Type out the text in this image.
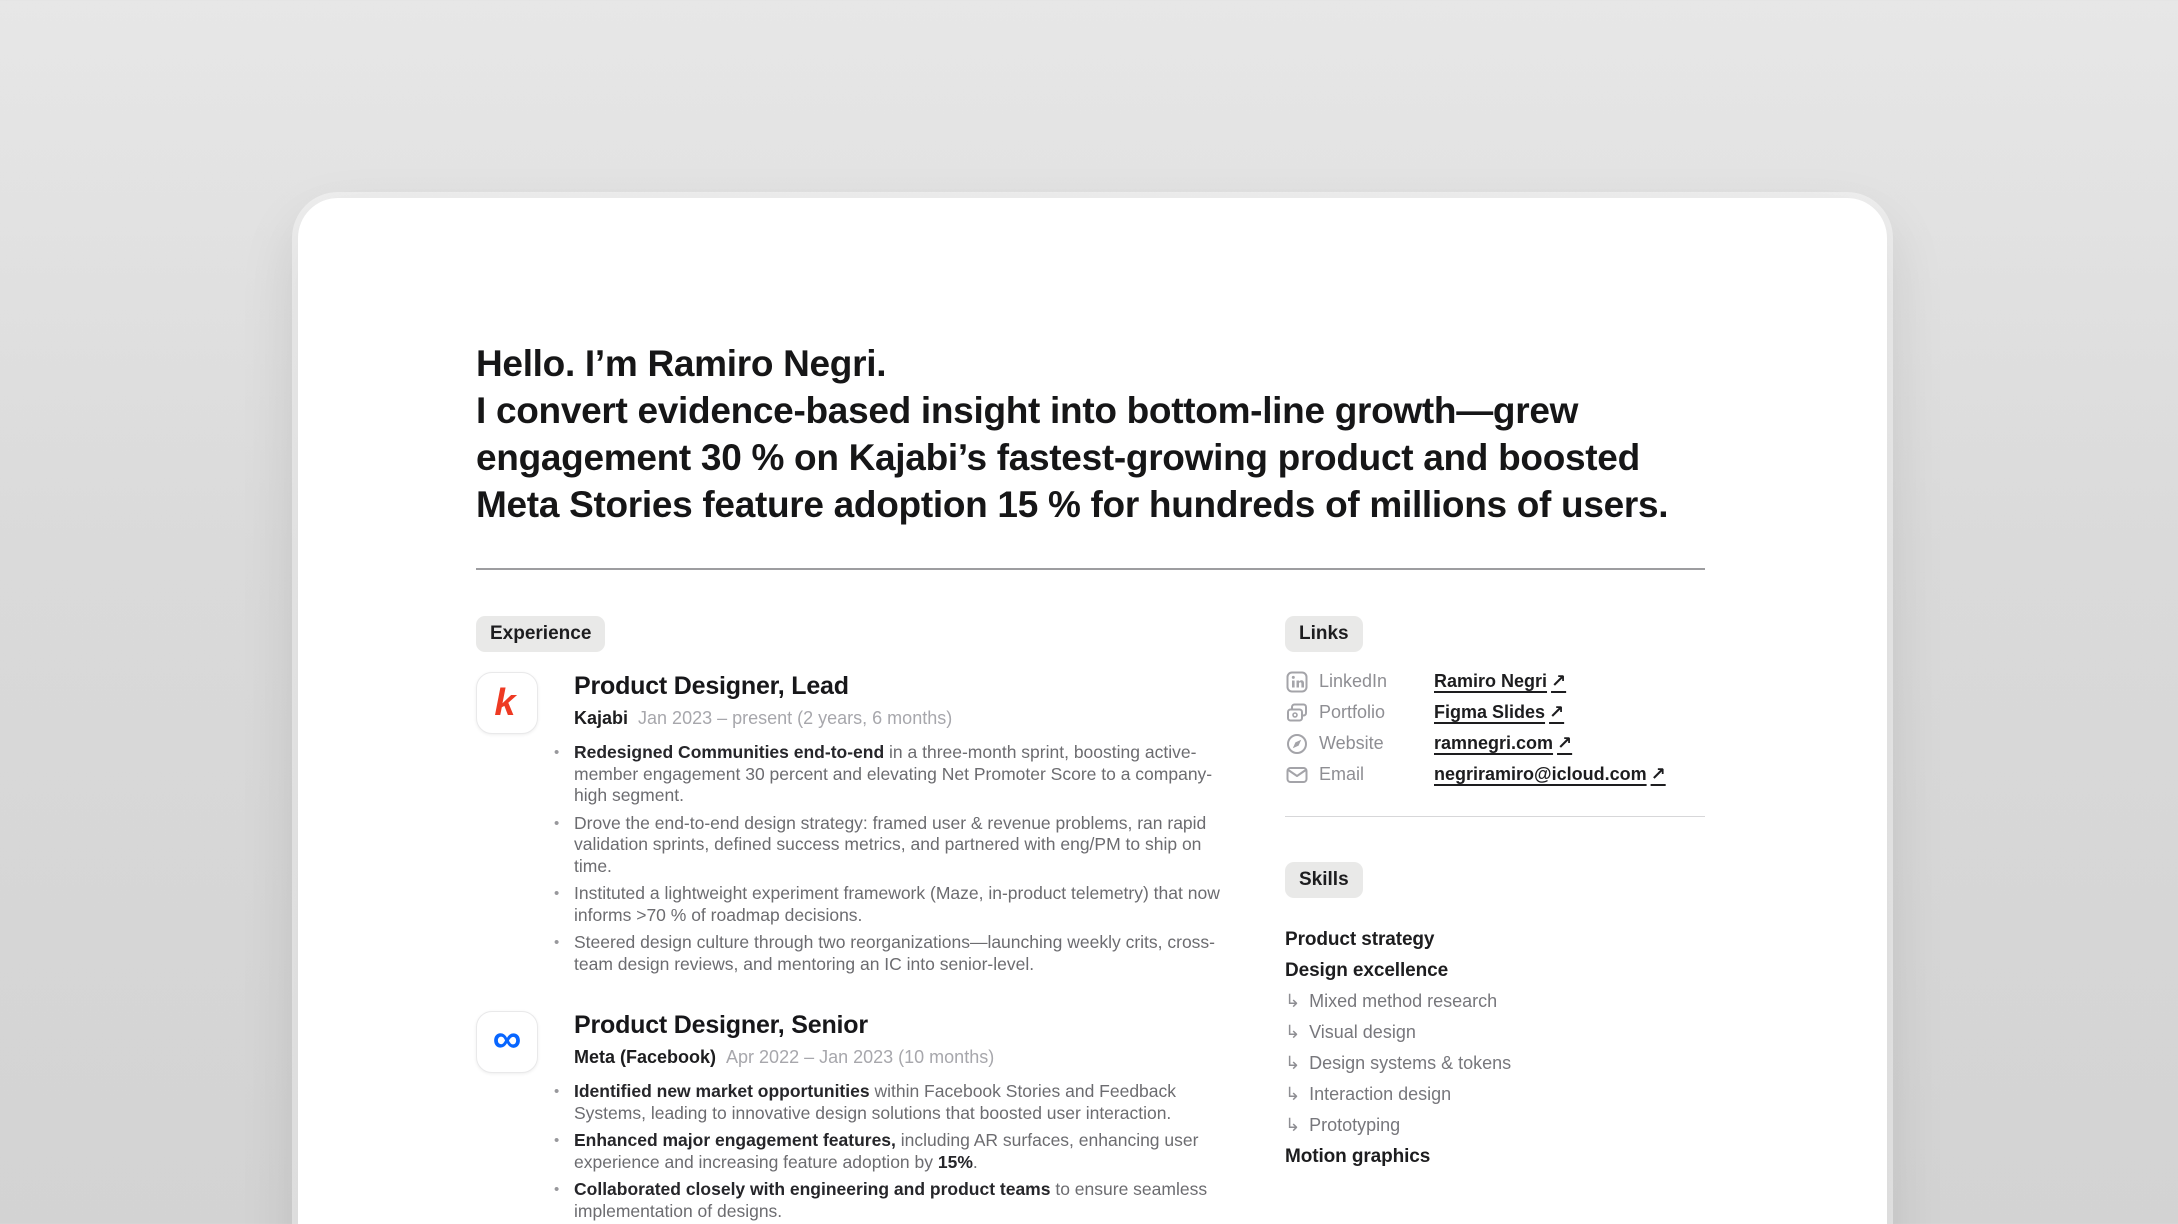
Hello. I’m Ramiro Negri.
I convert evidence-based insight into bottom-line growth—grew engagement 30 % on Kajabi’s fastest-growing product and boosted Meta Stories feature adoption 15 % for hundreds of millions of users.
Experience
k Product Designer, Lead
Kajabi Jan 2023 – present (2 years, 6 months)
• Redesigned Communities end-to-end in a three-month sprint, boosting active-member engagement 30 percent and elevating Net Promoter Score to a company-high segment.
• Drove the end-to-end design strategy: framed user & revenue problems, ran rapid validation sprints, defined success metrics, and partnered with eng/PM to ship on time.
• Instituted a lightweight experiment framework (Maze, in-product telemetry) that now informs >70 % of roadmap decisions.
• Steered design culture through two reorganizations—launching weekly crits, cross-team design reviews, and mentoring an IC into senior-level.
∞ Product Designer, Senior
Meta (Facebook) Apr 2022 – Jan 2023 (10 months)
• Identified new market opportunities within Facebook Stories and Feedback Systems, leading to innovative design solutions that boosted user interaction.
• Enhanced major engagement features, including AR surfaces, enhancing user experience and increasing feature adoption by 15%.
• Collaborated closely with engineering and product teams to ensure seamless implementation of designs.
Links
LinkedIn	Ramiro Negri ↗
Portfolio	Figma Slides ↗
Website	ramnegri.com ↗
Email	negriramiro@icloud.com ↗
Skills
Product strategy
Design excellence
↳ Mixed method research
↳ Visual design
↳ Design systems & tokens
↳ Interaction design
↳ Prototyping
Motion graphics
